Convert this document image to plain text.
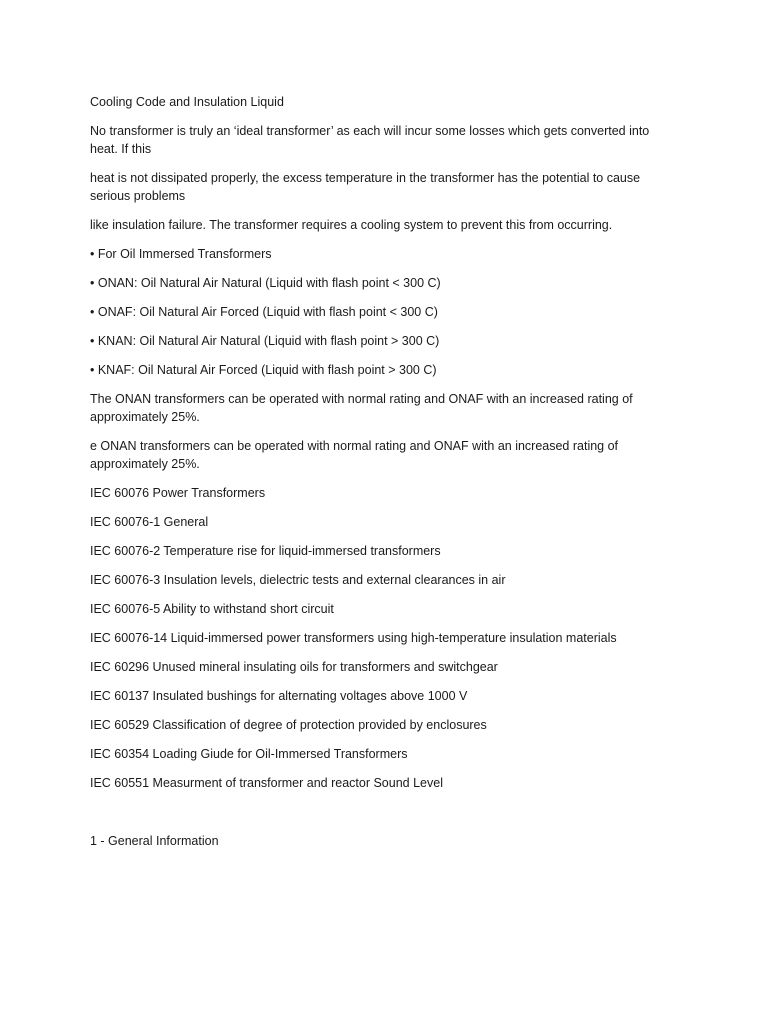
Cooling Code and Insulation Liquid

No transformer is truly an ‘ideal transformer’ as each will incur some losses which gets converted into heat. If this

heat is not dissipated properly, the excess temperature in the transformer has the potential to cause serious problems

like insulation failure. The transformer requires a cooling system to prevent this from occurring.

• For Oil Immersed Transformers

• ONAN: Oil Natural Air Natural (Liquid with flash point < 300 C)

• ONAF: Oil Natural Air Forced (Liquid with flash point < 300 C)

• KNAN: Oil Natural Air Natural (Liquid with flash point > 300 C)

• KNAF: Oil Natural Air Forced (Liquid with flash point > 300 C)

The ONAN transformers can be operated with normal rating and ONAF with an increased rating of approximately 25%.

e ONAN transformers can be operated with normal rating and ONAF with an increased rating of approximately 25%.

IEC 60076 Power Transformers

IEC 60076-1 General

IEC 60076-2 Temperature rise for liquid-immersed transformers

IEC 60076-3 Insulation levels, dielectric tests and external clearances in air

IEC 60076-5 Ability to withstand short circuit

IEC 60076-14 Liquid-immersed power transformers using high-temperature insulation materials

IEC 60296 Unused mineral insulating oils for transformers and switchgear

IEC 60137 Insulated bushings for alternating voltages above 1000 V

IEC 60529 Classification of degree of protection provided by enclosures

IEC 60354 Loading Giude for Oil-Immersed Transformers

IEC 60551 Measurment of transformer and reactor Sound Level

1 - General Information
